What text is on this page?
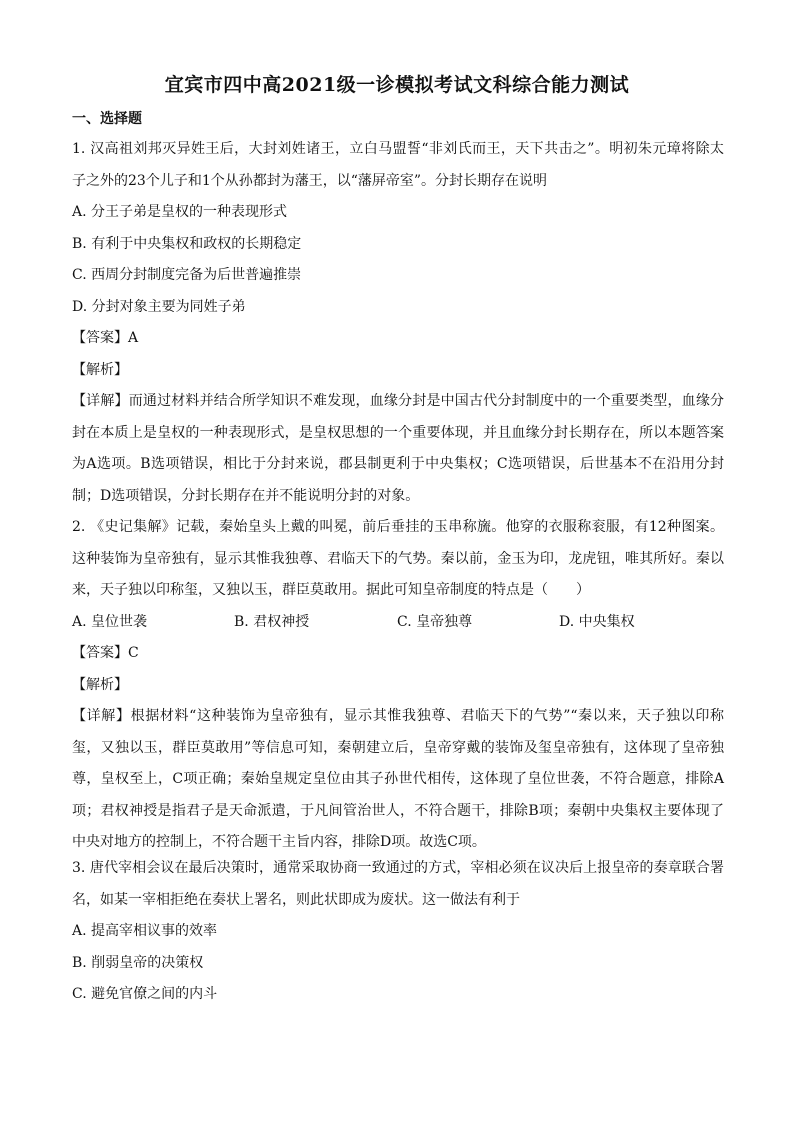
宜宾市四中高2021级一诊模拟考试文科综合能力测试
一、选择题
1. 汉高祖刘邦灭异姓王后，大封刘姓诸王，立白马盟誓“非刘氏而王，天下共击之”。明初朱元璋将除太
子之外的23个儿子和1个从孙都封为藩王，以“藩屏帝室”。分封长期存在说明
A. 分王子弟是皇权的一种表现形式
B. 有利于中央集权和政权的长期稳定
C. 西周分封制度完备为后世普遍推崇
D. 分封对象主要为同姓子弟
【答案】A
【解析】
【详解】而通过材料并结合所学知识不难发现，血缘分封是中国古代分封制度中的一个重要类型，血缘分
封在本质上是皇权的一种表现形式，是皇权思想的一个重要体现，并且血缘分封长期存在，所以本题答案
为A选项。B选项错误，相比于分封来说，郡县制更利于中央集权；C选项错误，后世基本不在沿用分封
制；D选项错误，分封长期存在并不能说明分封的对象。
2. 《史记集解》记载，秦始皇头上戴的叫冕，前后垂挂的玉串称旒。他穿的衣服称衮服，有12种图案。
这种装饰为皇帝独有，显示其惟我独尊、君临天下的气势。秦以前，金玉为印，龙虎钮，唯其所好。秦以
来，天子独以印称玺，又独以玉，群臣莫敢用。据此可知皇帝制度的特点是（　　）
A. 皇位世袭	B. 君权神授	C. 皇帝独尊	D. 中央集权
【答案】C
【解析】
【详解】根据材料“这种装饰为皇帝独有，显示其惟我独尊、君临天下的气势”“秦以来，天子独以印称
玺，又独以玉，群臣莫敢用”等信息可知，秦朝建立后，皇帝穿戴的装饰及玺皇帝独有，这体现了皇帝独
尊，皇权至上，C项正确；秦始皇规定皇位由其子孙世代相传，这体现了皇位世袭，不符合题意，排除A
项；君权神授是指君子是天命派遣，于凡间管治世人，不符合题干，排除B项；秦朝中央集权主要体现了
中央对地方的控制上，不符合题干主旨内容，排除D项。故选C项。
3. 唐代宰相会议在最后决策时，通常采取协商一致通过的方式，宰相必须在议决后上报皇帝的奏章联合署
名，如某一宰相拒绝在奏状上署名，则此状即成为废状。这一做法有利于
A. 提高宰相议事的效率
B. 削弱皇帝的决策权
C. 避免官僚之间的内斗
